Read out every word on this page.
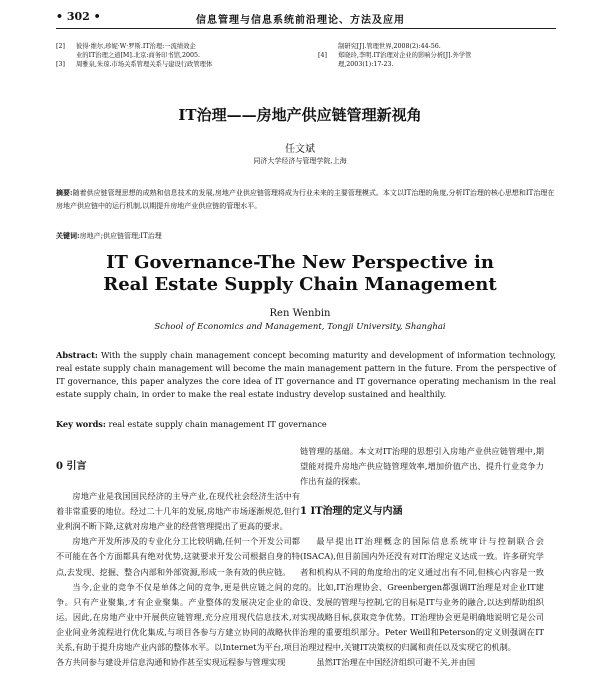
• 302 •	信息管理与信息系统前沿理论、方法及应用
[2] 彼得·维尔,珍妮·W·罗斯.IT治理:一流绩效企
业的IT治理之道[M].北京:商务印书馆,2005.
[3] 周雅泉,朱琼.市场关系管理关系与建设行政管理体
制研究[J].管理世界,2008(2):44-56.
[4] 郑晓玲,李明.IT治理对企业的影响分析[J].外学管
理,2003(1):17-23.
IT治理——房地产供应链管理新视角
任文斌
同济大学经济与管理学院,上海
摘要:随着供应链管理思想的成熟和信息技术的发展,房地产业供应链管理将成为行业未来的主要管理模式。本文以IT治理的角度,分析IT治理的核心思想和IT治理在房地产供应链中的运行机制,以期提升房地产业供应链的管理水平。
关键词:房地产;供应链管理;IT治理
IT Governance-The New Perspective in
Real Estate Supply Chain Management
Ren Wenbin
School of Economics and Management, Tongji University, Shanghai
Abstract: With the supply chain management concept becoming maturity and development of information technology, real estate supply chain management will become the main management pattern in the future. From the perspective of IT governance, this paper analyzes the core idea of IT governance and IT governance operating mechanism in the real estate supply chain, in order to make the real estate industry develop sustained and healthily.
Key words: real estate supply chain management IT governance
0 引言

房地产业是我国国民经济的主导产业,在现代社会经济生活中有着非常重要的地位。经过二十几年的发展,房地产市场逐渐规范,但行业利润不断下降,这就对房地产业的经营管理提出了更高的要求。

房地产开发所涉及的专业化分工比较明确,任何一个开发公司都不可能在各个方面都具有绝对优势,这就要求开发公司根据自身的特点,去发现、挖掘、整合内部和外部资源,形成一条有效的供应链。

当今,企业的竞争不仅是单体之间的竞争,更是供应链之间的竞争。只有产业聚集,才有企业聚集。产业整体的发展决定企业的命运。因此,在房地产业中开展供应链管理,充分应用现代信息技术,对企业间业务流程进行优化集成,与项目各参与方建立协同的战略伙伴关系,有助于提升房地产业内部的整体水平。以Internet为平台,项目各方共同参与建设并信息沟通和协作甚至实现远程参与管理实现

链管理的基础。本文对IT治理的思想引入房地产业供应链管理中,期望能对提升房地产供应链管理效率,增加价值产出、提升行业竞争力作出有益的探索。

1 IT治理的定义与内涵

最早提出IT治理概念的国际信息系统审计与控制联合会(ISACA),但目前国内外还没有对IT治理定义达成一致。许多研究学者和机构从不同的角度给出的定义通过出有不同,但核心内容是一致的。比如,IT治理协会、Greenbergen都强调IT治理是对企业IT建设、发展的管理与控制,它的目标是IT与业务的融合,以达到帮助组织实现战略目标,获取竞争优势。IT治理协会更是明确地说明它是公司治理的重要组织部分。Peter Weill和Peterson的定义则强调在IT治理过程中,关键IT决策权的归属和责任以及实现它的机制。

虽然IT治理在中国经济组织可避不关,并由国
